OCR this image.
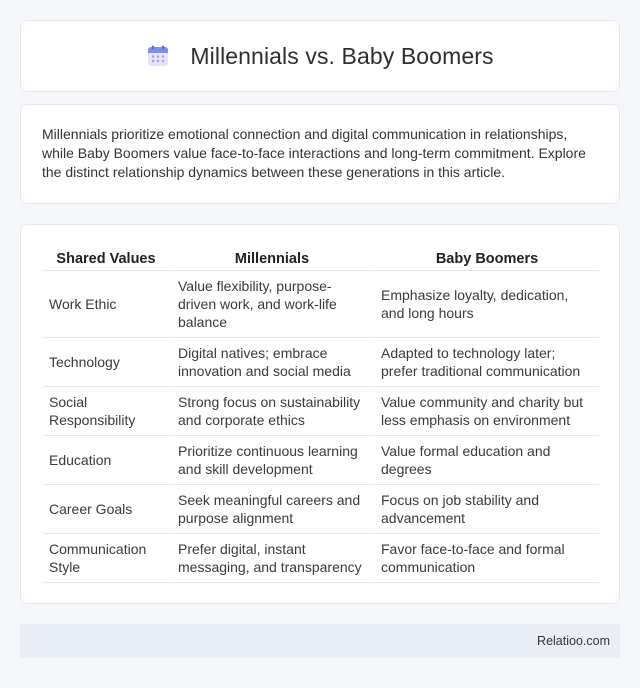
Millennials vs. Baby Boomers

Millennials prioritize emotional connection and digital communication in relationships, while Baby Boomers value face-to-face interactions and long-term commitment. Explore the distinct relationship dynamics between these generations in this article.

Shared Values	Millennials	Baby Boomers
Work Ethic	Value flexibility, purpose-driven work, and work-life balance	Emphasize loyalty, dedication, and long hours
Technology	Digital natives; embrace innovation and social media	Adapted to technology later; prefer traditional communication
Social Responsibility	Strong focus on sustainability and corporate ethics	Value community and charity but less emphasis on environment
Education	Prioritize continuous learning and skill development	Value formal education and degrees
Career Goals	Seek meaningful careers and purpose alignment	Focus on job stability and advancement
Communication Style	Prefer digital, instant messaging, and transparency	Favor face-to-face and formal communication
Relatioo.com
